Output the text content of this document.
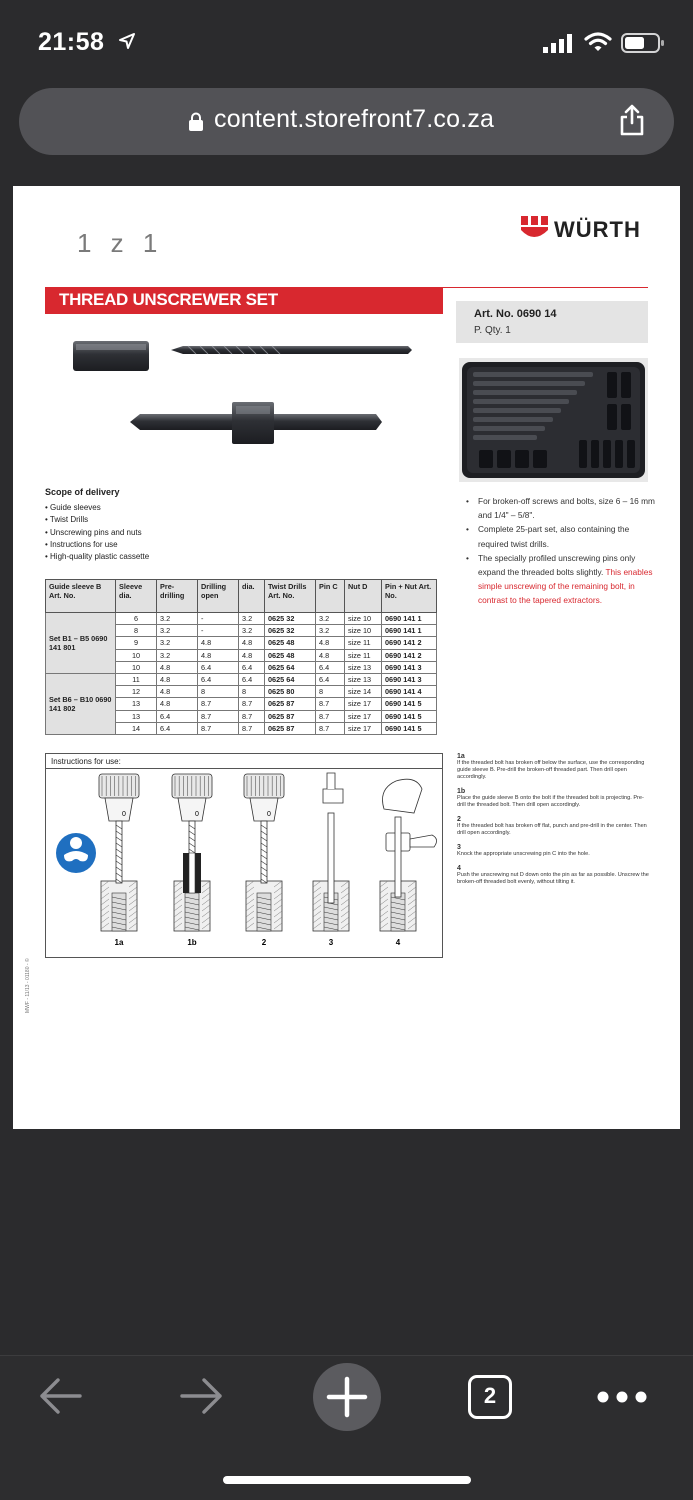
21:58
content.storefront7.co.za
1 z 1	WÜRTH
THREAD UNSCREWER SET
Art. No. 0690 14
P. Qty. 1
Scope of delivery
• Guide sleeves
• Twist Drills
• Unscrewing pins and nuts
• Instructions for use
• High-quality plastic cassette
• For broken-off screws and bolts, size 6 – 16 mm and 1/4" – 5/8".
• Complete 25-part set, also containing the required twist drills.
• The specially profiled unscrewing pins only expand the threaded bolts slightly. This enables simple unscrewing of the remaining bolt, in contrast to the tapered extractors.
Guide sleeve B Art. No.	Sleeve dia.	Pre-drilling	Drilling open	dia.	Twist Drills Art. No.	Pin C	Nut D	Pin + Nut Art. No.
Set B1 – B5 0690 141 801	6	3.2	-	3.2	0625 32	3.2	size 10	0690 141 1
	8	3.2	-	3.2	0625 32	3.2	size 10	0690 141 1
	9	3.2	4.8	4.8	0625 48	4.8	size 11	0690 141 2
	10	3.2	4.8	4.8	0625 48	4.8	size 11	0690 141 2
	10	4.8	6.4	6.4	0625 64	6.4	size 13	0690 141 3
Set B6 – B10 0690 141 802	11	4.8	6.4	6.4	0625 64	6.4	size 13	0690 141 3
	12	4.8	8	8	0625 80	8	size 14	0690 141 4
	13	4.8	8.7	8.7	0625 87	8.7	size 17	0690 141 5
	13	6.4	8.7	8.7	0625 87	8.7	size 17	0690 141 5
	14	6.4	8.7	8.7	0625 87	8.7	size 17	0690 141 5
Instructions for use:
0
1a
0
1b
0
2	3	4
1a
If the threaded bolt has broken off below the surface, use the corresponding guide sleeve B. Pre-drill the broken-off threaded part. Then drill open accordingly.
1b
Place the guide sleeve B onto the bolt if the threaded bolt is projecting. Pre-drill the threaded bolt. Then drill open accordingly.
2
If the threaded bolt has broken off flat, punch and pre-drill in the center. Then drill open accordingly.
3
Knock the appropriate unscrewing pin C into the hole.
4
Push the unscrewing nut D down onto the pin as far as possible. Unscrew the broken-off threaded bolt evenly, without tilting it.
MWF - 11/13 - 01180 - ©
2
